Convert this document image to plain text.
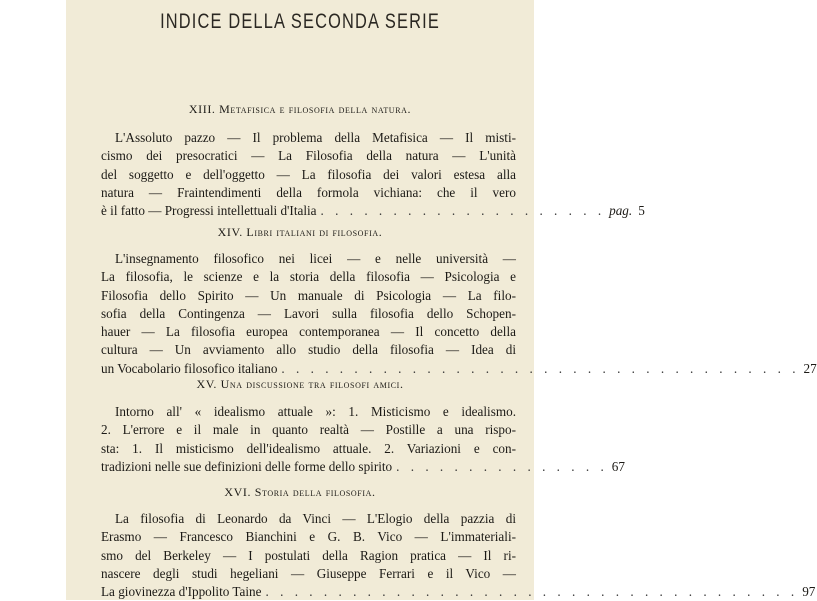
INDICE DELLA SECONDA SERIE
XIII. Metafisica e filosofia della natura.
L'Assoluto pazzo — Il problema della Metafisica — Il misti-
cismo dei presocratici — La Filosofia della natura — L'unità
del soggetto e dell'oggetto — La filosofia dei valori estesa alla
natura — Fraintendimenti della formola vichiana: che il vero
è il fatto — Progressi intellettuali d'Italia . . . . . . . . . . . . . . . . . . . . pag. 5
XIV. Libri italiani di filosofia.
L'insegnamento filosofico nei licei — e nelle università —
La filosofia, le scienze e la storia della filosofia — Psicologia e
Filosofia dello Spirito — Un manuale di Psicologia — La filo-
sofia della Contingenza — Lavori sulla filosofia dello Schopen-
hauer — La filosofia europea contemporanea — Il concetto della
cultura — Un avviamento allo studio della filosofia — Idea di
un Vocabolario filosofico italiano . . . . . . . . . . . . . . . . . . . . . . . . . . . . . . . . . . . . 27
XV. Una discussione tra filosofi amici.
Intorno all' « idealismo attuale »: 1. Misticismo e idealismo.
2. L'errore e il male in quanto realtà — Postille a una rispo-
sta: 1. Il misticismo dell'idealismo attuale. 2. Variazioni e con-
tradizioni nelle sue definizioni delle forme dello spirito . . . . . . . . . . . . . . . 67
XVI. Storia della filosofia.
La filosofia di Leonardo da Vinci — L'Elogio della pazzia di
Erasmo — Francesco Bianchini e G. B. Vico — L'immateriali-
smo del Berkeley — I postulati della Ragion pratica — Il ri-
nascere degli studi hegeliani — Giuseppe Ferrari e il Vico —
La giovinezza d'Ippolito Taine . . . . . . . . . . . . . . . . . . . . . . . . . . . . . . . . . . . . . 97
